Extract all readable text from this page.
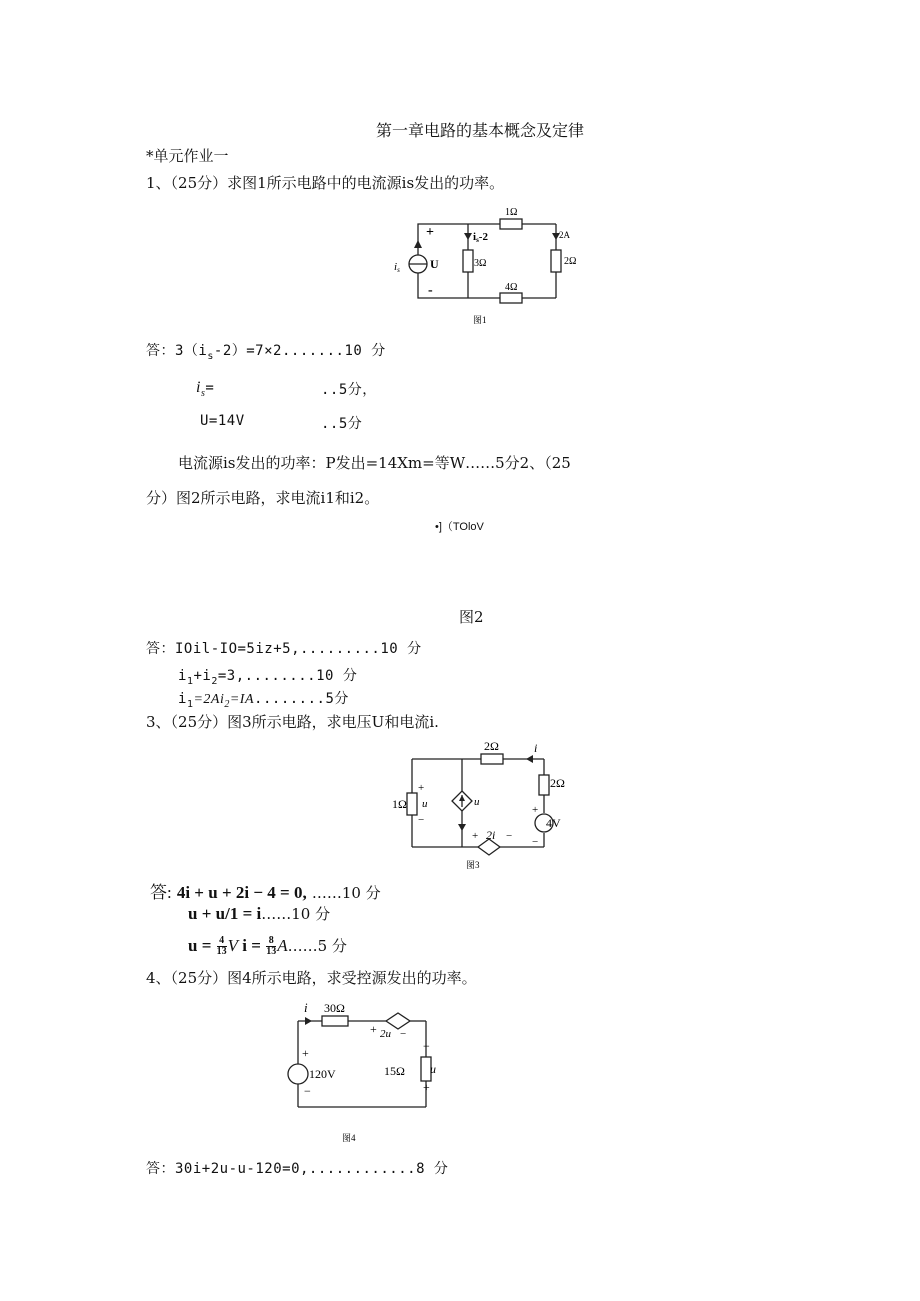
第一章电路的基本概念及定律
*单元作业一
1、（25分）求图1所示电路中的电流源is发出的功率。
1Ω
3Ω	2Ω
4Ω
2A
is-2
U
is
+
-
图1
答：$3(i_s-2)=7\times 2.......10$ 分
$i_s=$	..5分，
U=14V	..5分
电流源is发出的功率：P发出=14Xm=等W……5分2、（25
分）图2所示电路，求电流i1和i2。
•]（TOloV
图2
答：IOil-IO=5iz+5,.........10 分
$i_1+i_2=3,........10$ 分
$i_1=2Ai_2=IA........5$分
3、（25分）图3所示电路，求电压U和电流i.
2Ω	i
2Ω
1Ω
+
u
−
u
+
4V
−
+ 2i −
图3
答: 4i + u + 2i − 4 = 0, ……10 分
u + u/1 = i……10 分
$u = \frac{4}{13}$ V $i = \frac{8}{13}$ A……5 分
4、（25分）图4所示电路，求受控源发出的功率。
i 30Ω
+ 2u −
+
120V
−
15Ω
−
u
+
图4
答：30i+2u-u-120=0,............8 分
